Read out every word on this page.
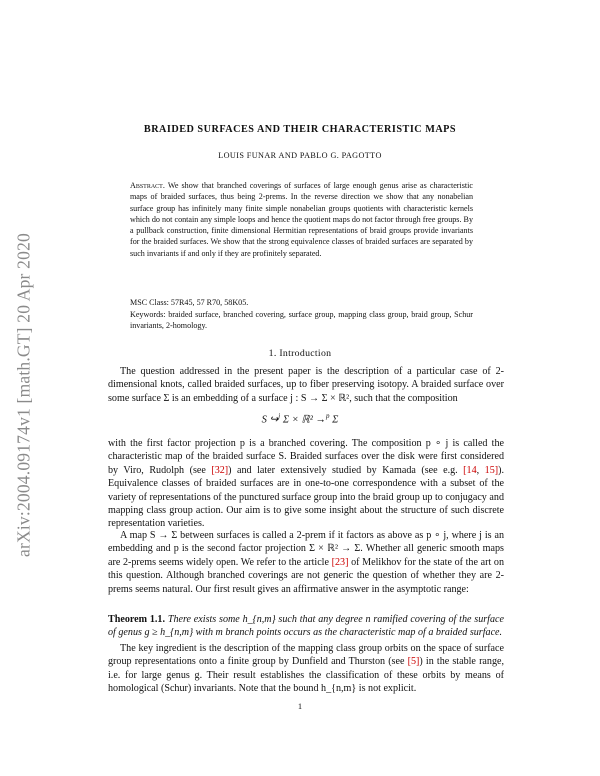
arXiv:2004.09174v1 [math.GT] 20 Apr 2020
BRAIDED SURFACES AND THEIR CHARACTERISTIC MAPS
LOUIS FUNAR AND PABLO G. PAGOTTO
Abstract. We show that branched coverings of surfaces of large enough genus arise as characteristic maps of braided surfaces, thus being 2-prems. In the reverse direction we show that any nonabelian surface group has infinitely many finite simple nonabelian groups quotients with characteristic kernels which do not contain any simple loops and hence the quotient maps do not factor through free groups. By a pullback construction, finite dimensional Hermitian representations of braid groups provide invariants for the braided surfaces. We show that the strong equivalence classes of braided surfaces are separated by such invariants if and only if they are profinitely separated.
MSC Class: 57R45, 57 R70, 58K05.
Keywords: braided surface, branched covering, surface group, mapping class group, braid group, Schur invariants, 2-homology.
1. Introduction
The question addressed in the present paper is the description of a particular case of 2-dimensional knots, called braided surfaces, up to fiber preserving isotopy. A braided surface over some surface Σ is an embedding of a surface j : S → Σ × ℝ², such that the composition
S ↪$^j$ Σ × ℝ² →$^p$ Σ
with the first factor projection p is a branched covering. The composition p ∘ j is called the characteristic map of the braided surface S. Braided surfaces over the disk were first considered by Viro, Rudolph (see [32]) and later extensively studied by Kamada (see e.g. [14, 15]). Equivalence classes of braided surfaces are in one-to-one correspondence with a subset of the variety of representations of the punctured surface group into the braid group up to conjugacy and mapping class group action. Our aim is to give some insight about the structure of such discrete representation varieties.
A map S → Σ between surfaces is called a 2-prem if it factors as above as p ∘ j, where j is an embedding and p is the second factor projection Σ × ℝ² → Σ. Whether all generic smooth maps are 2-prems seems widely open. We refer to the article [23] of Melikhov for the state of the art on this question. Although branched coverings are not generic the question of whether they are 2-prems seems natural. Our first result gives an affirmative answer in the asymptotic range:
Theorem 1.1. There exists some h_{n,m} such that any degree n ramified covering of the surface of genus g ≥ h_{n,m} with m branch points occurs as the characteristic map of a braided surface.
The key ingredient is the description of the mapping class group orbits on the space of surface group representations onto a finite group by Dunfield and Thurston (see [5]) in the stable range, i.e. for large genus g. Their result establishes the classification of these orbits by means of homological (Schur) invariants. Note that the bound h_{n,m} is not explicit.
1
